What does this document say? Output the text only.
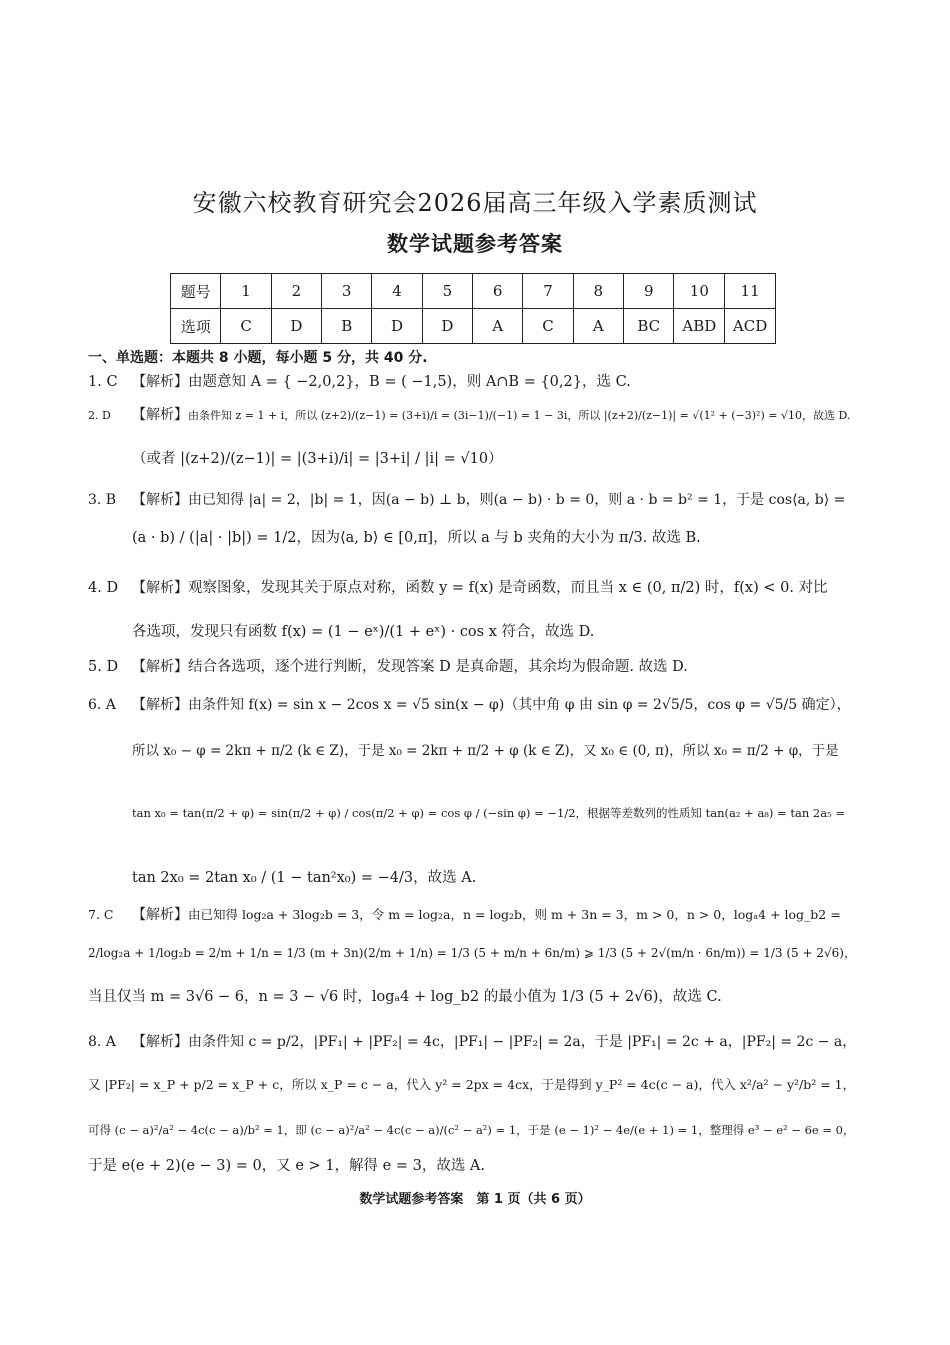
安徽六校教育研究会2026届高三年级入学素质测试
数学试题参考答案
题号	1	2	3	4	5	6	7	8	9	10	11
选项	C	D	B	D	D	A	C	A	BC	ABD	ACD
一、单选题：本题共 8 小题，每小题 5 分，共 40 分.
1. C 【解析】由题意知 A = { −2,0,2}，B = ( −1,5)，则 A∩B = {0,2}，选 C.
2. D 【解析】由条件知 z = 1 + i，所以 (z+2)/(z−1) = (3+i)/i = (3i−1)/(−1) = 1 − 3i，所以 |(z+2)/(z−1)| = √(1² + (−3)²) = √10，故选 D.
（或者 |(z+2)/(z−1)| = |(3+i)/i| = |3+i| / |i| = √10）
3. B 【解析】由已知得 |a| = 2，|b| = 1，因(a − b) ⊥ b，则(a − b) · b = 0，则 a · b = b² = 1，于是 cos⟨a, b⟩ =
(a · b) / (|a| · |b|) = 1/2，因为⟨a, b⟩ ∈ [0,π]，所以 a 与 b 夹角的大小为 π/3. 故选 B.
4. D 【解析】观察图象，发现其关于原点对称，函数 y = f(x) 是奇函数，而且当 x ∈ (0, π/2) 时，f(x) < 0. 对比
各选项，发现只有函数 f(x) = (1 − eˣ)/(1 + eˣ) · cos x 符合，故选 D.
5. D 【解析】结合各选项，逐个进行判断，发现答案 D 是真命题，其余均为假命题. 故选 D.
6. A 【解析】由条件知 f(x) = sin x − 2cos x = √5 sin(x − φ)（其中角 φ 由 sin φ = 2√5/5，cos φ = √5/5 确定），
所以 x₀ − φ = 2kπ + π/2 (k ∈ Z)，于是 x₀ = 2kπ + π/2 + φ (k ∈ Z)，又 x₀ ∈ (0, π)，所以 x₀ = π/2 + φ，于是
tan x₀ = tan(π/2 + φ) = sin(π/2 + φ) / cos(π/2 + φ) = cos φ / (−sin φ) = −1/2，根据等差数列的性质知 tan(a₂ + a₈) = tan 2a₅ =
tan 2x₀ = 2tan x₀ / (1 − tan²x₀) = −4/3，故选 A.
7. C 【解析】由已知得 log₂a + 3log₂b = 3，令 m = log₂a，n = log₂b，则 m + 3n = 3，m > 0，n > 0，logₐ4 + log_b2 =
2/log₂a + 1/log₂b = 2/m + 1/n = 1/3 (m + 3n)(2/m + 1/n) = 1/3 (5 + m/n + 6n/m) ⩾ 1/3 (5 + 2√(m/n · 6n/m)) = 1/3 (5 + 2√6)，
当且仅当 m = 3√6 − 6，n = 3 − √6 时，logₐ4 + log_b2 的最小值为 1/3 (5 + 2√6)，故选 C.
8. A 【解析】由条件知 c = p/2，|PF₁| + |PF₂| = 4c，|PF₁| − |PF₂| = 2a，于是 |PF₁| = 2c + a，|PF₂| = 2c − a，
又 |PF₂| = x_P + p/2 = x_P + c，所以 x_P = c − a，代入 y² = 2px = 4cx，于是得到 y_P² = 4c(c − a)，代入 x²/a² − y²/b² = 1，
可得 (c − a)²/a² − 4c(c − a)/b² = 1，即 (c − a)²/a² − 4c(c − a)/(c² − a²) = 1，于是 (e − 1)² − 4e/(e + 1) = 1，整理得 e³ − e² − 6e = 0，
于是 e(e + 2)(e − 3) = 0，又 e > 1，解得 e = 3，故选 A.
数学试题参考答案　第 1 页（共 6 页）
